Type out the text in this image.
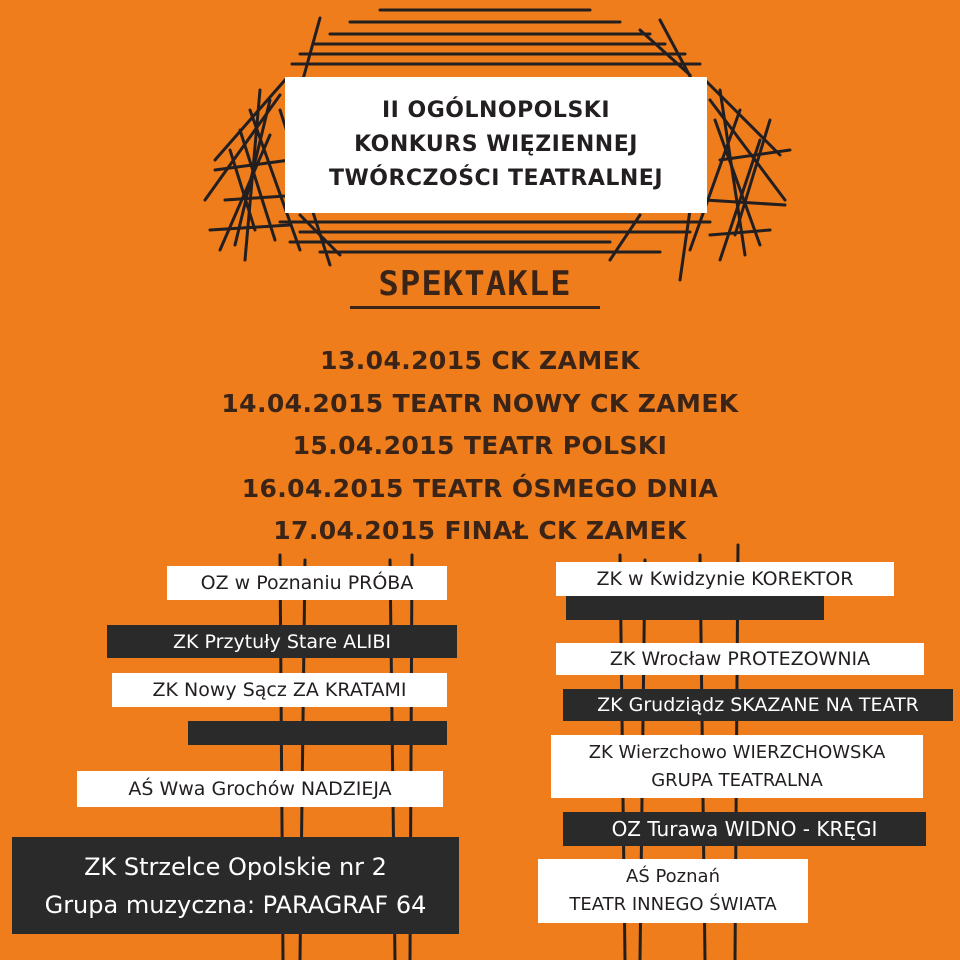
II OGÓLNOPOLSKI
KONKURS WIĘZIENNEJ
TWÓRCZOŚCI TEATRALNEJ
SPEKTAKLE
13.04.2015 CK ZAMEK
14.04.2015 TEATR NOWY CK ZAMEK
15.04.2015 TEATR POLSKI
16.04.2015 TEATR ÓSMEGO DNIA
17.04.2015 FINAŁ CK ZAMEK
OZ w Poznaniu PRÓBA
ZK Przytuły Stare ALIBI
ZK Nowy Sącz ZA KRATAMI
AŚ Wwa Grochów NADZIEJA
ZK Strzelce Opolskie nr 2
Grupa muzyczna: PARAGRAF 64
ZK w Kwidzynie KOREKTOR
ZK Wrocław PROTEZOWNIA
ZK Grudziądz SKAZANE NA TEATR
ZK Wierzchowo WIERZCHOWSKA
GRUPA TEATRALNA
OZ Turawa WIDNO - KRĘGI
AŚ Poznań
TEATR INNEGO ŚWIATA
